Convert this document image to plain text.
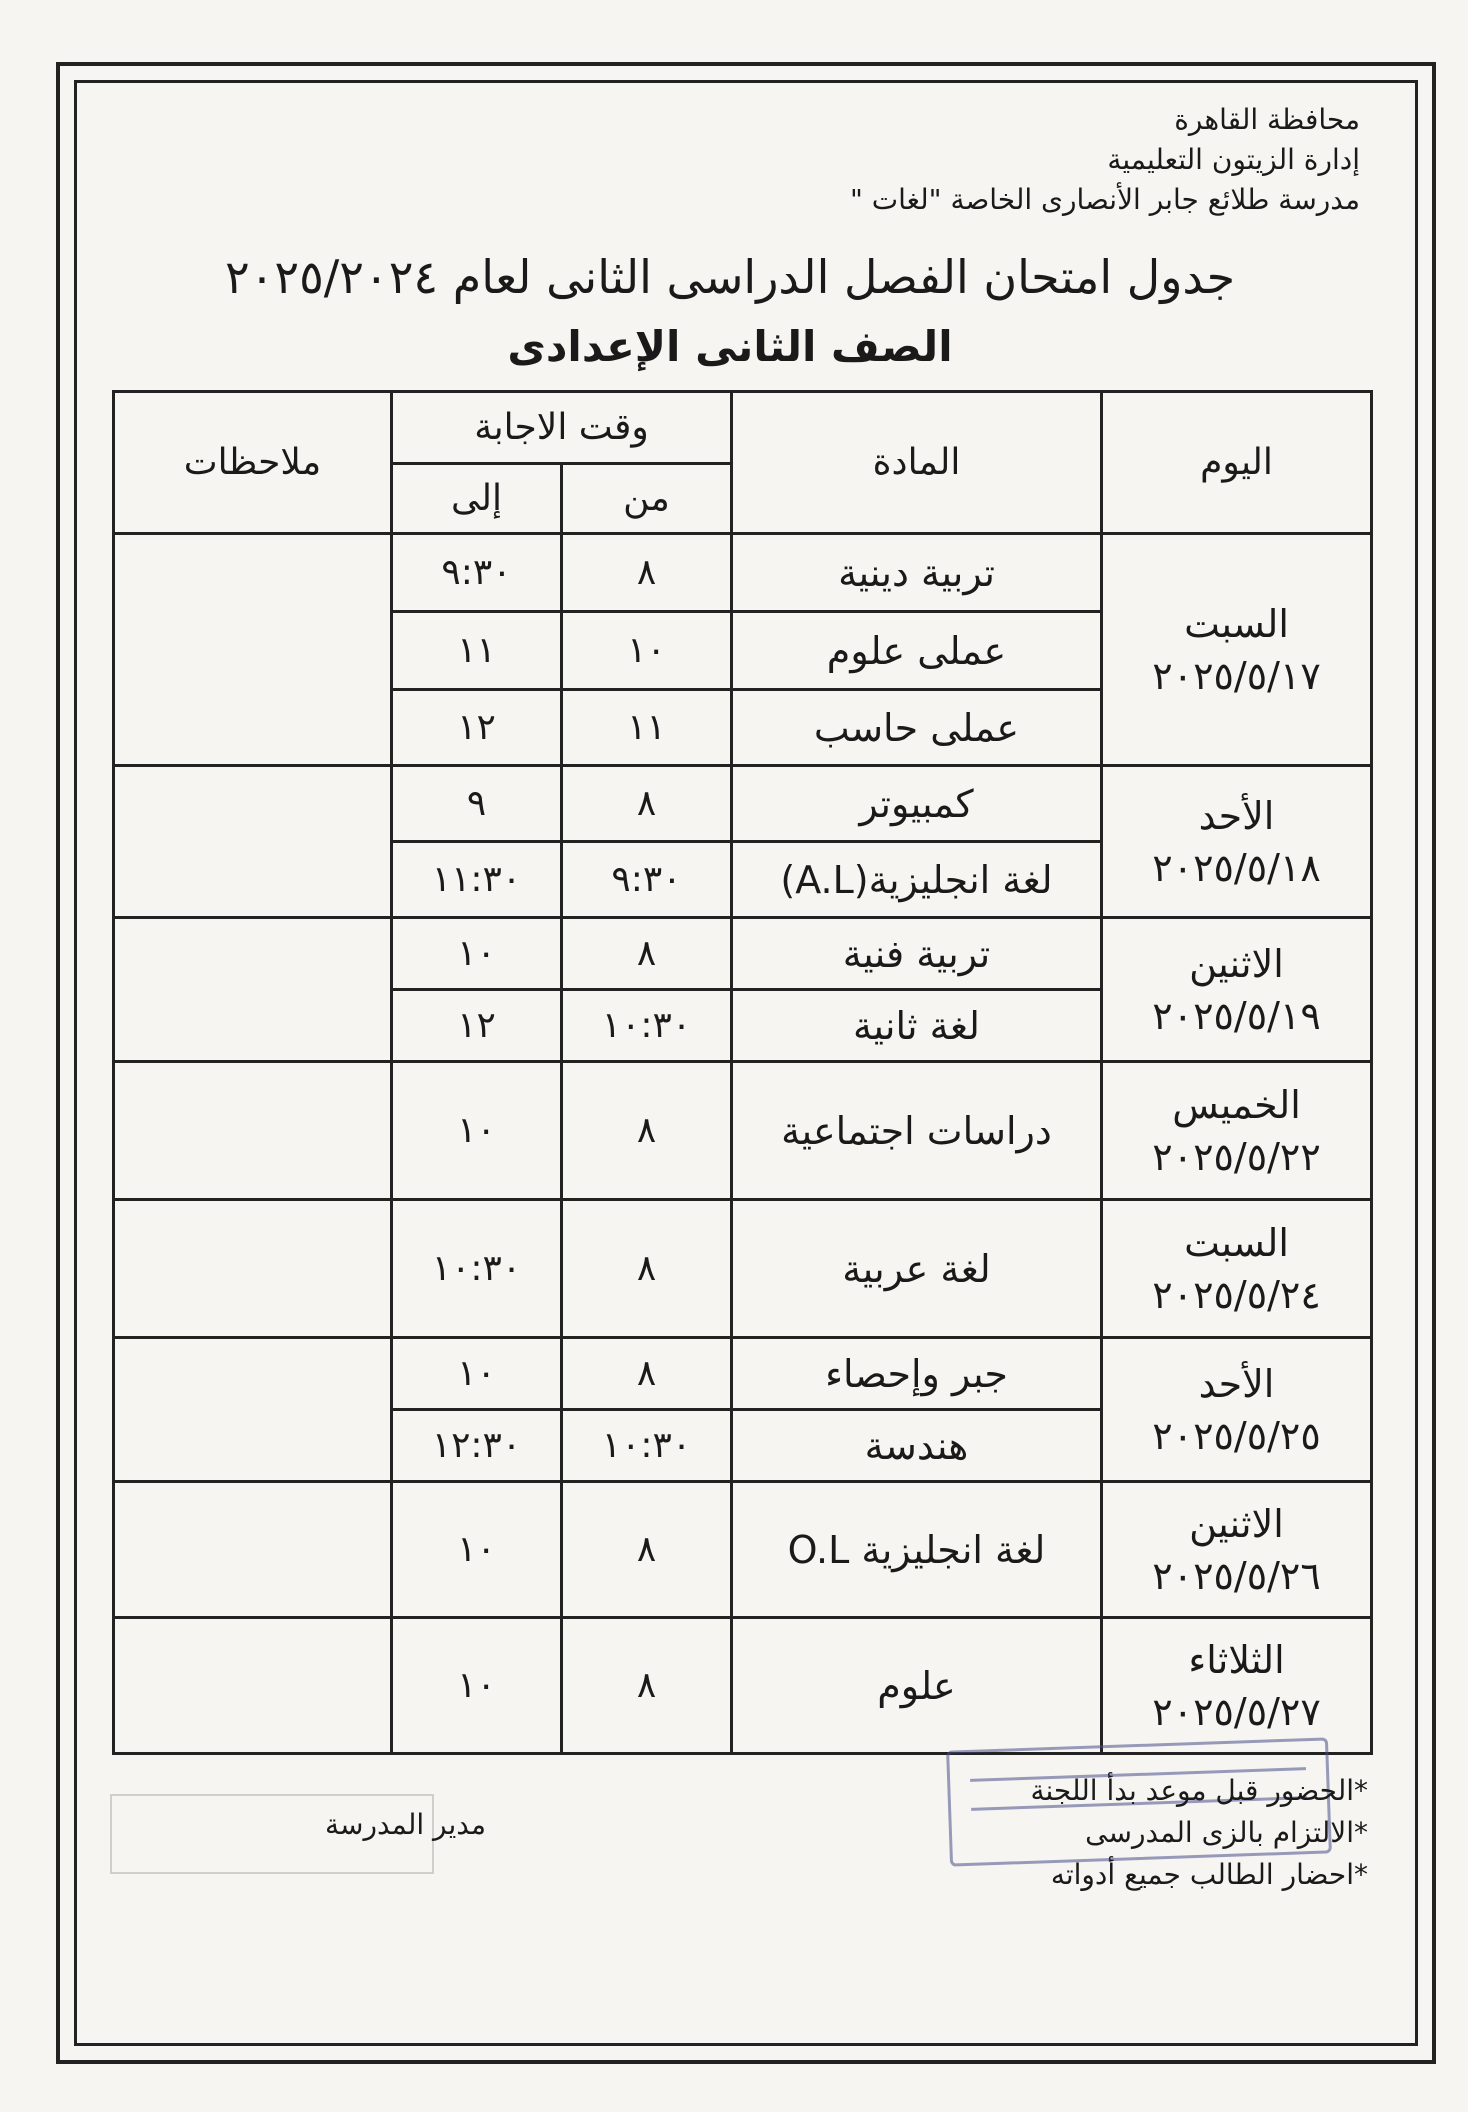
محافظة القاهرة
إدارة الزيتون التعليمية
مدرسة طلائع جابر الأنصارى الخاصة "لغات "
جدول امتحان الفصل الدراسى الثانى لعام ٢٠٢٥/٢٠٢٤
الصف الثانى الإعدادى
اليوم	المادة	وقت الاجابة		ملاحظات
		من	إلى	

السبت
٢٠٢٥/٥/١٧	تربية دينية	٨	٩:٣٠	
	عملى علوم	١٠	١١	
	عملى حاسب	١١	١٢	

الأحد
٢٠٢٥/٥/١٨	كمبيوتر	٨	٩	
	لغة انجليزية(A.L)	٩:٣٠	١١:٣٠	

الاثنين
٢٠٢٥/٥/١٩	تربية فنية	٨	١٠	
	لغة ثانية	١٠:٣٠	١٢	

الخميس
٢٠٢٥/٥/٢٢	دراسات اجتماعية	٨	١٠	

السبت
٢٠٢٥/٥/٢٤	لغة عربية	٨	١٠:٣٠	

الأحد
٢٠٢٥/٥/٢٥	جبر وإحصاء	٨	١٠	
	هندسة	١٠:٣٠	١٢:٣٠	

الاثنين
٢٠٢٥/٥/٢٦	لغة انجليزية O.L	٨	١٠	

الثلاثاء
٢٠٢٥/٥/٢٧	علوم	٨	١٠	
*الحضور قبل موعد بدأ اللجنة
*الالتزام بالزى المدرسى
*احضار الطالب جميع أدواته
مدير المدرسة
